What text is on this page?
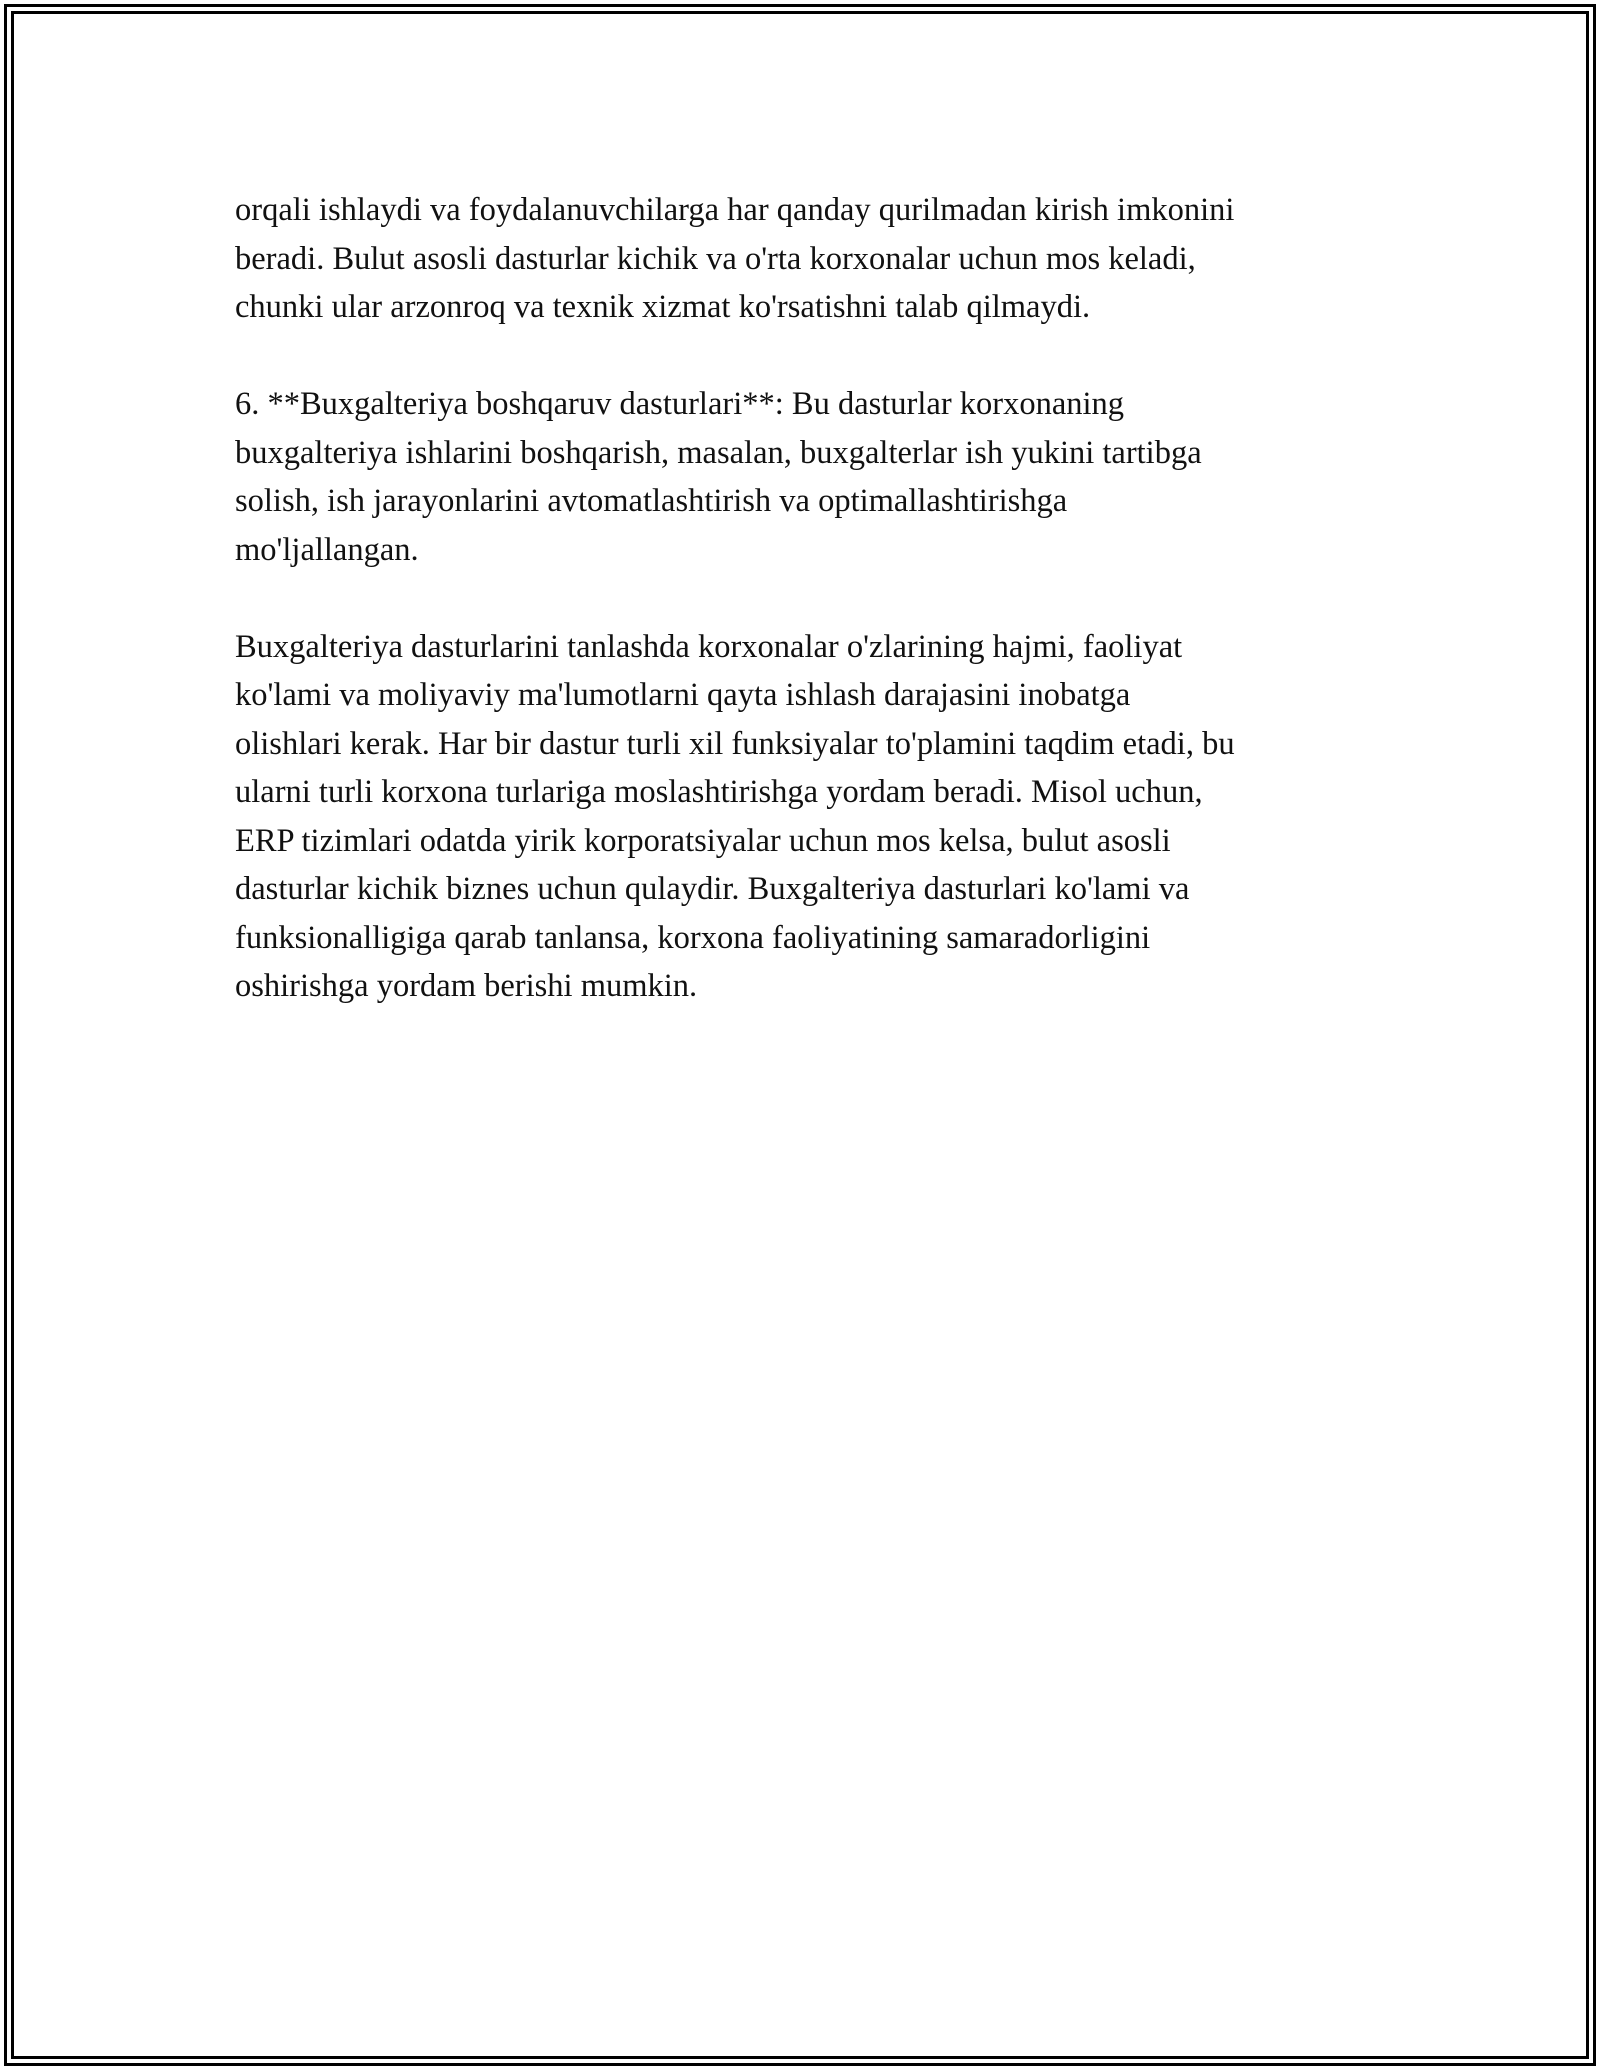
orqali ishlaydi va foydalanuvchilarga har qanday qurilmadan kirish imkonini
beradi. Bulut asosli dasturlar kichik va o'rta korxonalar uchun mos keladi,
chunki ular arzonroq va texnik xizmat ko'rsatishni talab qilmaydi.

6. **Buxgalteriya boshqaruv dasturlari**: Bu dasturlar korxonaning
buxgalteriya ishlarini boshqarish, masalan, buxgalterlar ish yukini tartibga
solish, ish jarayonlarini avtomatlashtirish va optimallashtirishga
mo'ljallangan.

Buxgalteriya dasturlarini tanlashda korxonalar o'zlarining hajmi, faoliyat
ko'lami va moliyaviy ma'lumotlarni qayta ishlash darajasini inobatga
olishlari kerak. Har bir dastur turli xil funksiyalar to'plamini taqdim etadi, bu
ularni turli korxona turlariga moslashtirishga yordam beradi. Misol uchun,
ERP tizimlari odatda yirik korporatsiyalar uchun mos kelsa, bulut asosli
dasturlar kichik biznes uchun qulaydir. Buxgalteriya dasturlari ko'lami va
funksionalligiga qarab tanlansa, korxona faoliyatining samaradorligini
oshirishga yordam berishi mumkin.
